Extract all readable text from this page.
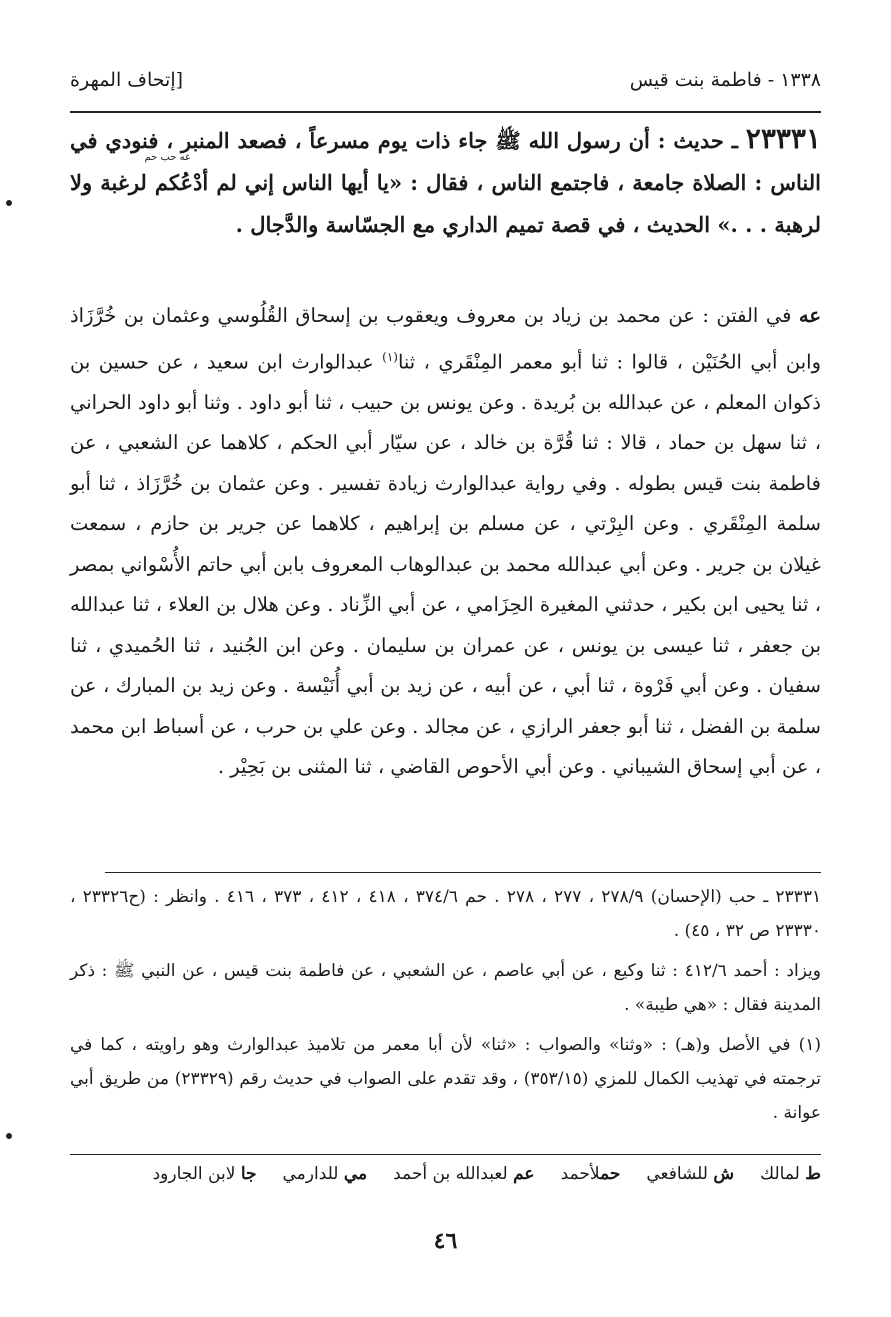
١٣٣٨ - فاطمة بنت قيس
[إتحاف المهرة
عه حب حم
٢٣٣٣١ ـ حديث : أن رسول الله ﷺ جاء ذات يوم مسرعاً ، فصعد المنبر ، فنودي في الناس : الصلاة جامعة ، فاجتمع الناس ، فقال : «يا أيها الناس إني لم أدْعُكم لرغبة ولا لرهبة . . .» الحديث ، في قصة تميم الداري مع الجسّاسة والدَّجال .
عه في الفتن : عن محمد بن زياد بن معروف ويعقوب بن إسحاق القُلُوسي وعثمان بن خُرَّزَاذ وابن أبي الحُنَيْن ، قالوا : ثنا أبو معمر المِنْقَري ، ثنا$^{(١)}$ عبدالوارث ابن سعيد ، عن حسين بن ذكوان المعلم ، عن عبدالله بن بُريدة . وعن يونس بن حبيب ، ثنا أبو داود . وثنا أبو داود الحراني ، ثنا سهل بن حماد ، قالا : ثنا قُرَّة بن خالد ، عن سيّار أبي الحكم ، كلاهما عن الشعبي ، عن فاطمة بنت قيس بطوله . وفي رواية عبدالوارث زيادة تفسير . وعن عثمان بن خُرَّزَاذ ، ثنا أبو سلمة المِنْقَري . وعن البِرْتي ، عن مسلم بن إبراهيم ، كلاهما عن جرير بن حازم ، سمعت غيلان بن جرير . وعن أبي عبدالله محمد بن عبدالوهاب المعروف بابن أبي حاتم الأُسْواني بمصر ، ثنا يحيى ابن بكير ، حدثني المغيرة الحِزَامي ، عن أبي الزِّناد . وعن هلال بن العلاء ، ثنا عبدالله بن جعفر ، ثنا عيسى بن يونس ، عن عمران بن سليمان . وعن ابن الجُنيد ، ثنا الحُميدي ، ثنا سفيان . وعن أبي فَرْوة ، ثنا أبي ، عن أبيه ، عن زيد بن أبي أُنَيْسة . وعن زيد بن المبارك ، عن سلمة بن الفضل ، ثنا أبو جعفر الرازي ، عن مجالد . وعن علي بن حرب ، عن أسباط ابن محمد ، عن أبي إسحاق الشيباني . وعن أبي الأحوص القاضي ، ثنا المثنى بن بَحِيْر .

٢٣٣٣١ ـ حب (الإحسان) ٢٧٨/٩ ، ٢٧٧ ، ٢٧٨ . حم ٣٧٤/٦ ، ٤١٨ ، ٤١٢ ، ٣٧٣ ، ٤١٦ . وانظر : (ح٢٣٣٢٦ ، ٢٣٣٣٠ ص ٣٢ ، ٤٥) .

ويزاد : أحمد ٤١٢/٦ : ثنا وكيع ، عن أبي عاصم ، عن الشعبي ، عن فاطمة بنت قيس ، عن النبي ﷺ : ذكر المدينة فقال : «هي طيبة» .

(١) في الأصل و(هـ) : «وثنا» والصواب : «ثنا» لأن أبا معمر من تلاميذ عبدالوارث وهو راويته ، كما في ترجمته في تهذيب الكمال للمزي (٣٥٣/١٥) ، وقد تقدم على الصواب في حديث رقم (٢٣٣٢٩) من طريق أبي عوانة .

ط لمالك
ش للشافعي
حملأحمد
عم لعبدالله بن أحمد
مي للدارمي
جا لابن الجارود
٤٦
